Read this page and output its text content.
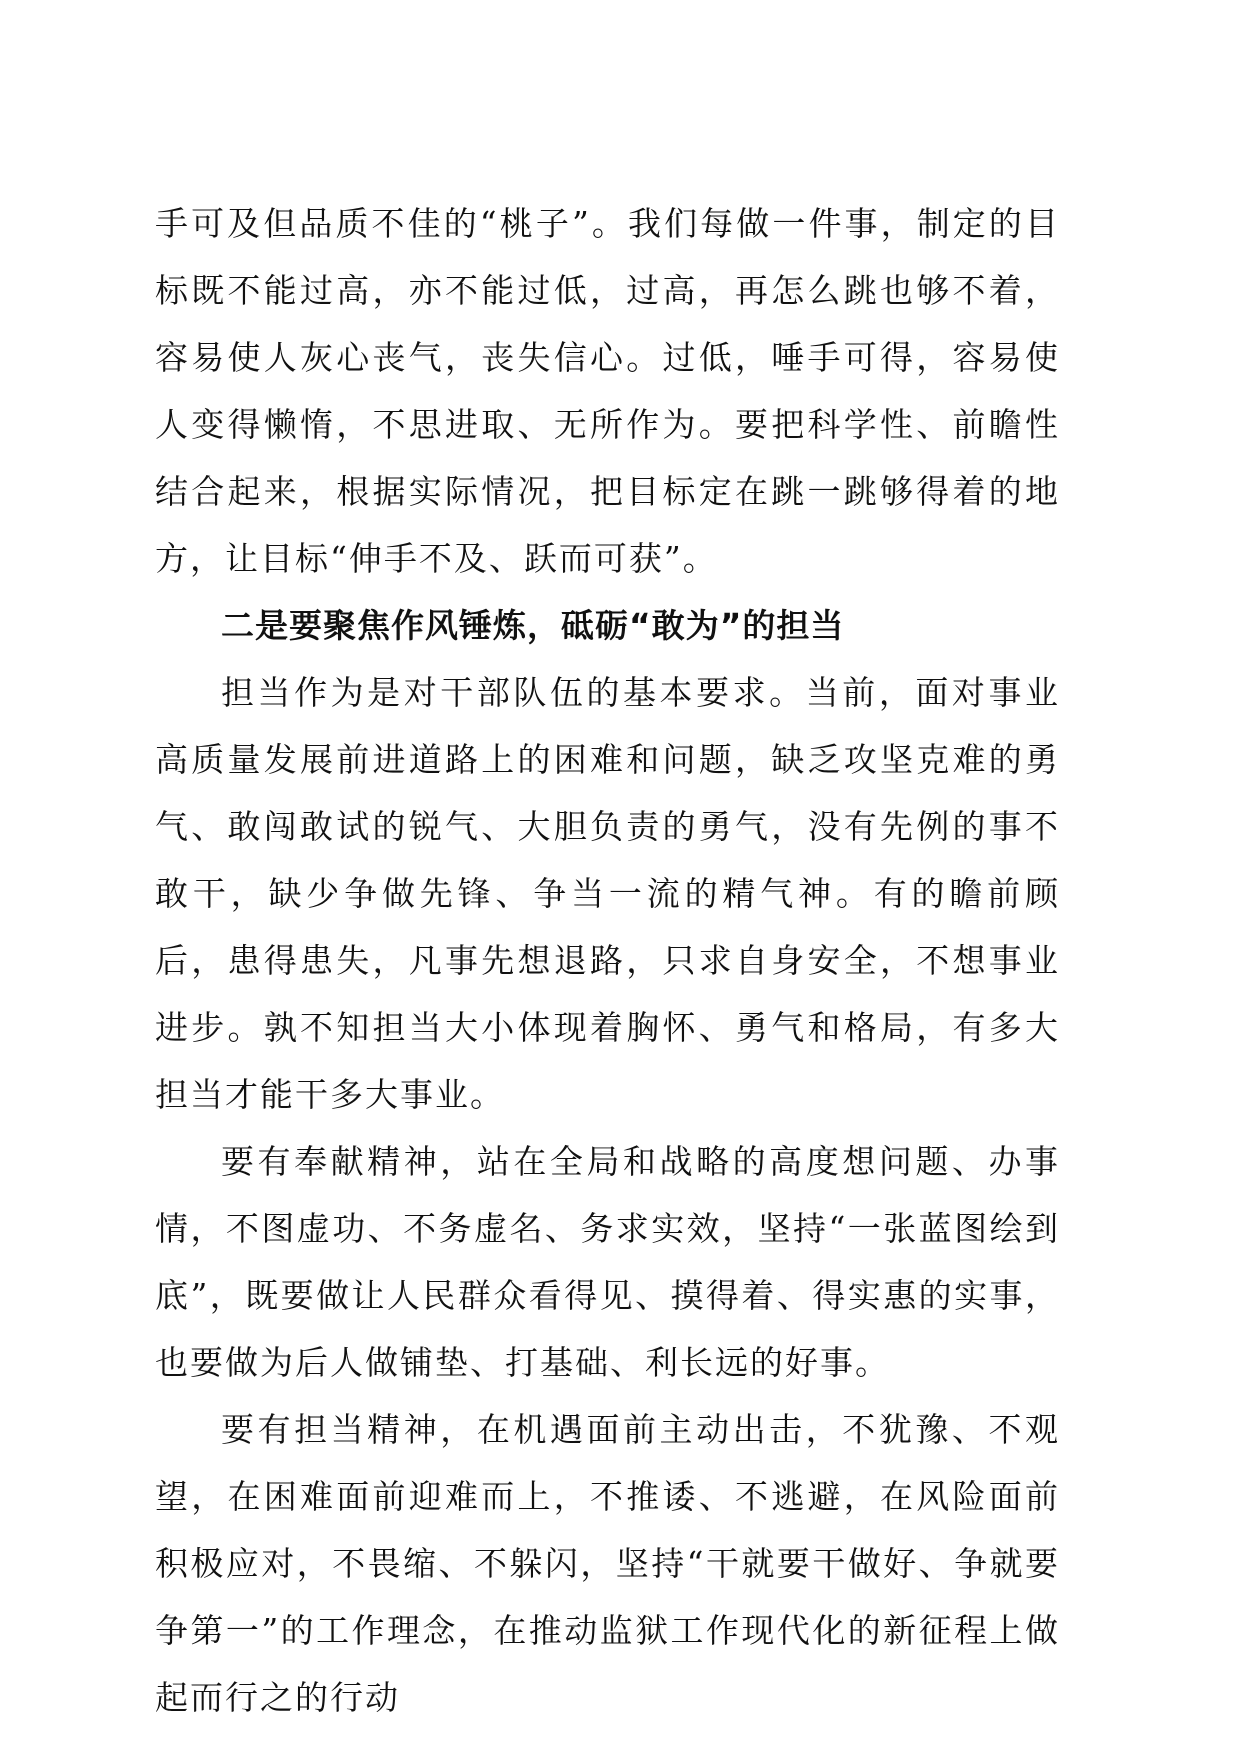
手可及但品质不佳的“桃子”。我们每做一件事，制定的目标既不能过高，亦不能过低，过高，再怎么跳也够不着，容易使人灰心丧气，丧失信心。过低，唾手可得，容易使人变得懒惰，不思进取、无所作为。要把科学性、前瞻性结合起来，根据实际情况，把目标定在跳一跳够得着的地方，让目标“伸手不及、跃而可获”。

二是要聚焦作风锤炼，砥砺“敢为”的担当

担当作为是对干部队伍的基本要求。当前，面对事业高质量发展前进道路上的困难和问题，缺乏攻坚克难的勇气、敢闯敢试的锐气、大胆负责的勇气，没有先例的事不敢干，缺少争做先锋、争当一流的精气神。有的瞻前顾后，患得患失，凡事先想退路，只求自身安全，不想事业进步。孰不知担当大小体现着胸怀、勇气和格局，有多大担当才能干多大事业。

要有奉献精神，站在全局和战略的高度想问题、办事情，不图虚功、不务虚名、务求实效，坚持“一张蓝图绘到底”，既要做让人民群众看得见、摸得着、得实惠的实事，也要做为后人做铺垫、打基础、利长远的好事。

要有担当精神，在机遇面前主动出击，不犹豫、不观望，在困难面前迎难而上，不推诿、不逃避，在风险面前积极应对，不畏缩、不躲闪，坚持“干就要干做好、争就要争第一”的工作理念，在推动监狱工作现代化的新征程上做起而行之的行动
